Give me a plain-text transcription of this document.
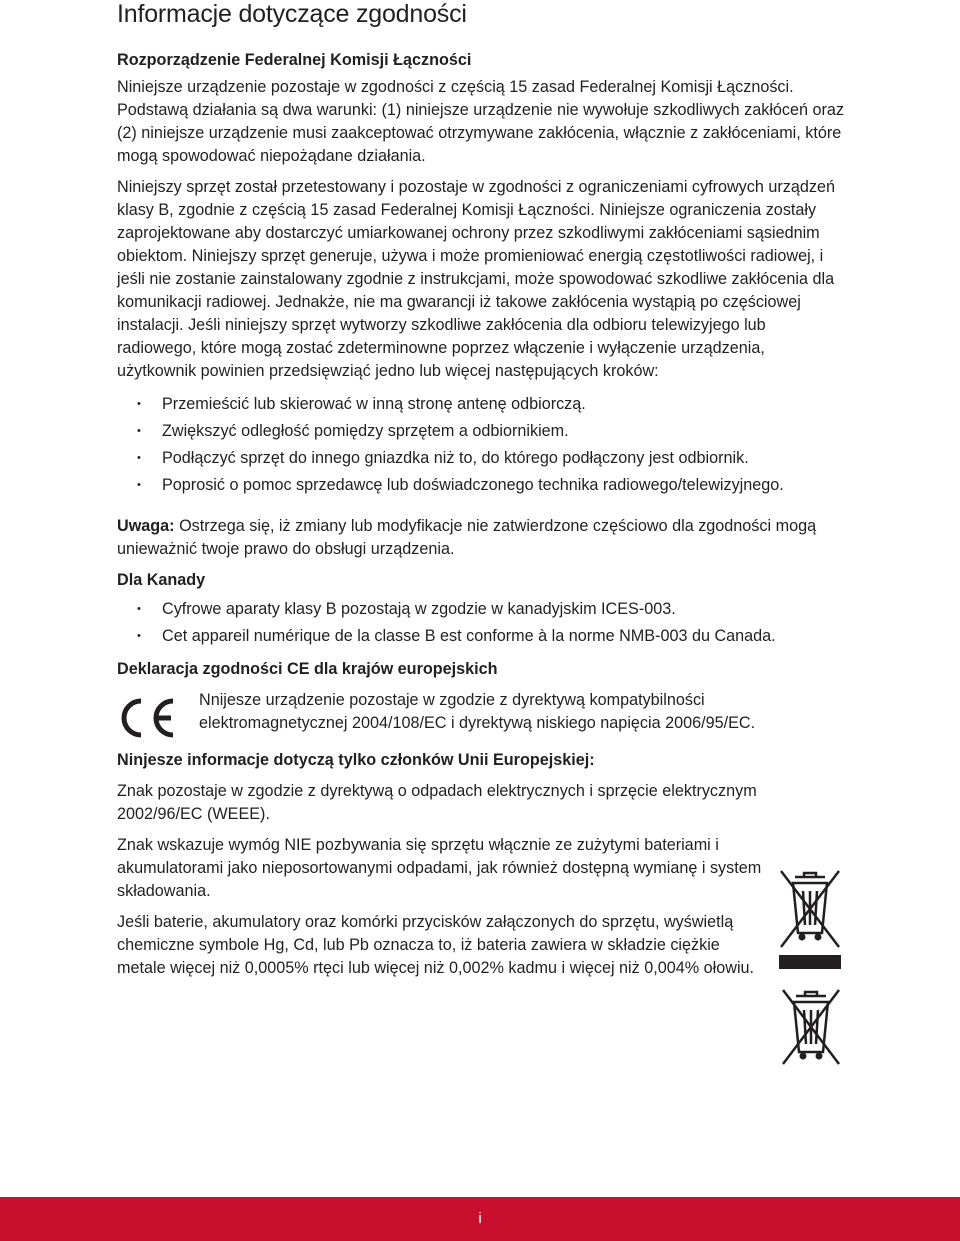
Informacje dotyczące zgodności
Rozporządzenie Federalnej Komisji Łączności

Niniejsze urządzenie pozostaje w zgodności z częścią 15 zasad Federalnej Komisji Łączności. Podstawą działania są dwa warunki: (1) niniejsze urządzenie nie wywołuje szkodliwych zakłóceń oraz (2) niniejsze urządzenie musi zaakceptować otrzymywane zakłócenia, włącznie z zakłóceniami, które mogą spowodować niepożądane działania.

Niniejszy sprzęt został przetestowany i pozostaje w zgodności z ograniczeniami cyfrowych urządzeń klasy B, zgodnie z częścią 15 zasad Federalnej Komisji Łączności. Niniejsze ograniczenia zostały zaprojektowane aby dostarczyć umiarkowanej ochrony przez szkodliwymi zakłóceniami sąsiednim obiektom. Niniejszy sprzęt generuje, używa i może promieniować energią częstotliwości radiowej, i jeśli nie zostanie zainstalowany zgodnie z instrukcjami, może spowodować szkodliwe zakłócenia dla komunikacji radiowej. Jednakże, nie ma gwarancji iż takowe zakłócenia wystąpią po częściowej instalacji. Jeśli niniejszy sprzęt wytworzy szkodliwe zakłócenia dla odbioru telewizyjego lub radiowego, które mogą zostać zdeterminowne poprzez włączenie i wyłączenie urządzenia, użytkownik powinien przedsięwziąć jedno lub więcej następujących kroków:

• Przemieścić lub skierować w inną stronę antenę odbiorczą.
• Zwiększyć odległość pomiędzy sprzętem a odbiornikiem.
• Podłączyć sprzęt do innego gniazdka niż to, do którego podłączony jest odbiornik.
• Poprosić o pomoc sprzedawcę lub doświadczonego technika radiowego/telewizyjnego.

Uwaga: Ostrzega się, iż zmiany lub modyfikacje nie zatwierdzone częściowo dla zgodności mogą unieważnić twoje prawo do obsługi urządzenia.

Dla Kanady
• Cyfrowe aparaty klasy B pozostają w zgodzie w kanadyjskim ICES-003.
• Cet appareil numérique de la classe B est conforme à la norme NMB-003 du Canada.
Deklaracja zgodności CE dla krajów europejskich
Nnijesze urządzenie pozostaje w zgodzie z dyrektywą kompatybilności elektromagnetycznej 2004/108/EC i dyrektywą niskiego napięcia 2006/95/EC.
Ninjesze informacje dotyczą tylko członków Unii Europejskiej:

Znak pozostaje w zgodzie z dyrektywą o odpadach elektrycznych i sprzęcie elektrycznym 2002/96/EC (WEEE).

Znak wskazuje wymóg NIE pozbywania się sprzętu włącznie ze zużytymi bateriami i akumulatorami jako nieposortowanymi odpadami, jak również dostępną wymianę i system składowania.

Jeśli baterie, akumulatory oraz komórki przycisków załączonych do sprzętu, wyświetlą chemiczne symbole Hg, Cd, lub Pb oznacza to, iż bateria zawiera w składzie ciężkie metale więcej niż 0,0005% rtęci lub więcej niż 0,002% kadmu i więcej niż 0,004% ołowiu.

i
